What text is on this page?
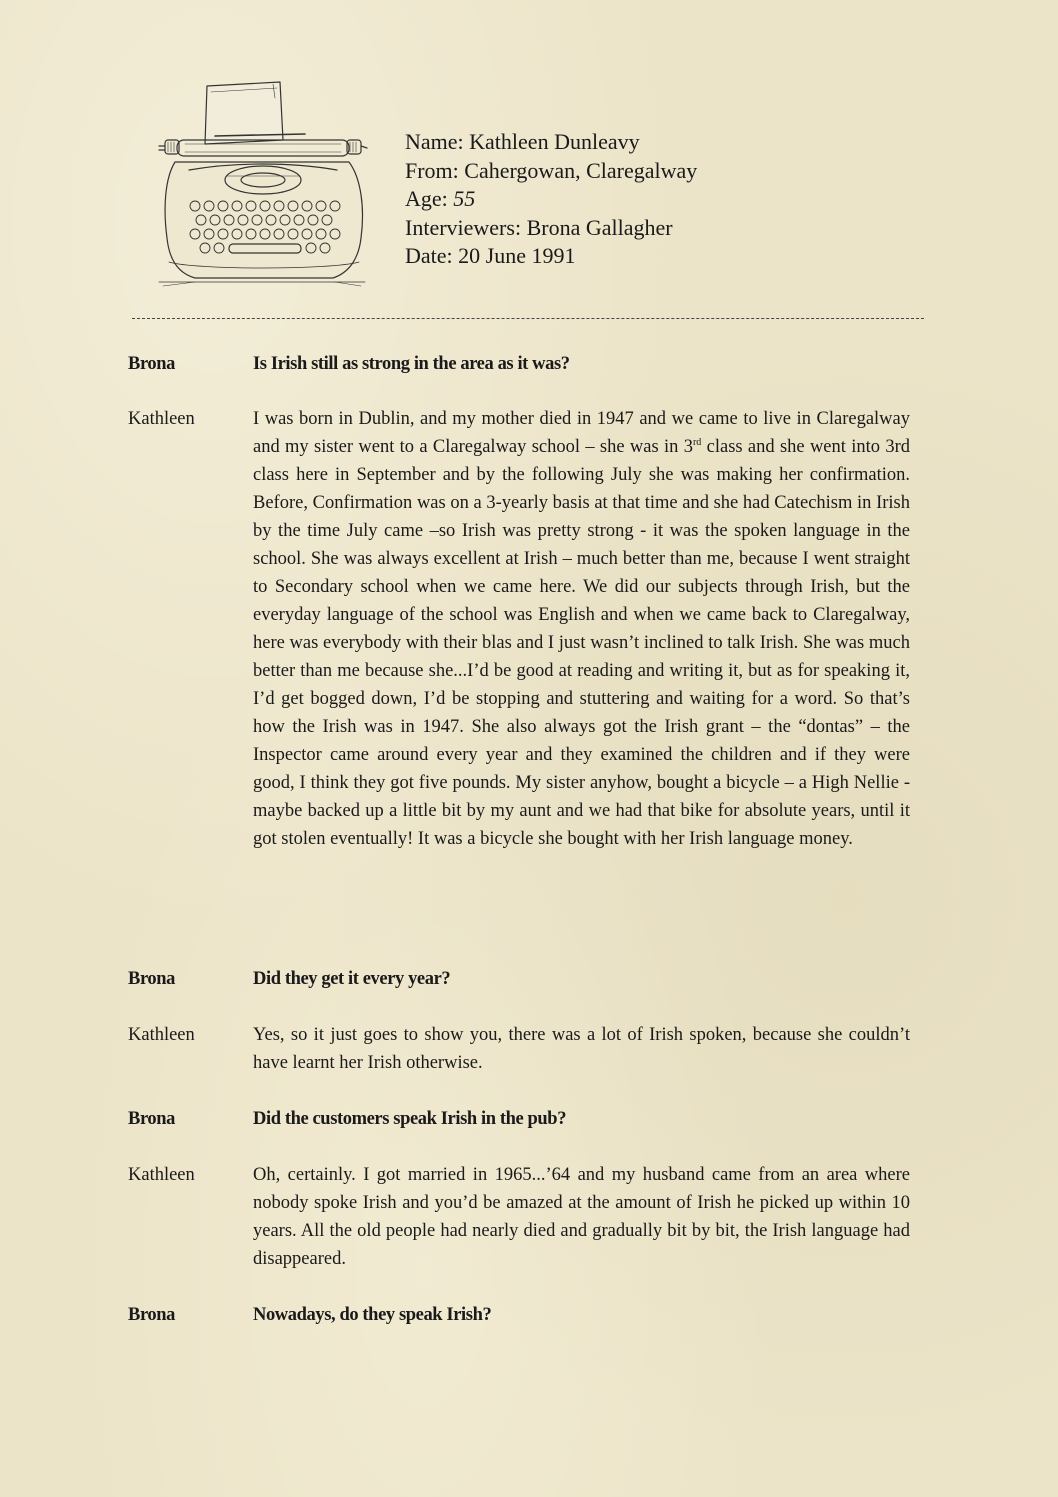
Name: Kathleen Dunleavy
From: Cahergowan, Claregalway
Age: 55
Interviewers: Brona Gallagher
Date: 20 June 1991
Brona	Is Irish still as strong in the area as it was?
Kathleen	I was born in Dublin, and my mother died in 1947 and we came to live in Claregalway and my sister went to a Claregalway school – she was in 3rd class and she went into 3rd class here in September and by the following July she was making her confirmation. Before, Confirmation was on a 3-yearly basis at that time and she had Catechism in Irish by the time July came –so Irish was pretty strong - it was the spoken language in the school. She was always excellent at Irish – much better than me, because I went straight to Secondary school when we came here. We did our subjects through Irish, but the everyday language of the school was English and when we came back to Claregalway, here was everybody with their blas and I just wasn’t inclined to talk Irish. She was much better than me because she...I’d be good at reading and writing it, but as for speaking it, I’d get bogged down, I’d be stopping and stuttering and waiting for a word. So that’s how the Irish was in 1947. She also always got the Irish grant – the “dontas” – the Inspector came around every year and they examined the children and if they were good, I think they got five pounds. My sister anyhow, bought a bicycle – a High Nellie - maybe backed up a little bit by my aunt and we had that bike for absolute years, until it got stolen eventually! It was a bicycle she bought with her Irish language money.
Brona	Did they get it every year?
Kathleen	Yes, so it just goes to show you, there was a lot of Irish spoken, because she couldn’t have learnt her Irish otherwise.
Brona	Did the customers speak Irish in the pub?
Kathleen	Oh, certainly. I got married in 1965...’64 and my husband came from an area where nobody spoke Irish and you’d be amazed at the amount of Irish he picked up within 10 years. All the old people had nearly died and gradually bit by bit, the Irish language had disappeared.
Brona	Nowadays, do they speak Irish?
